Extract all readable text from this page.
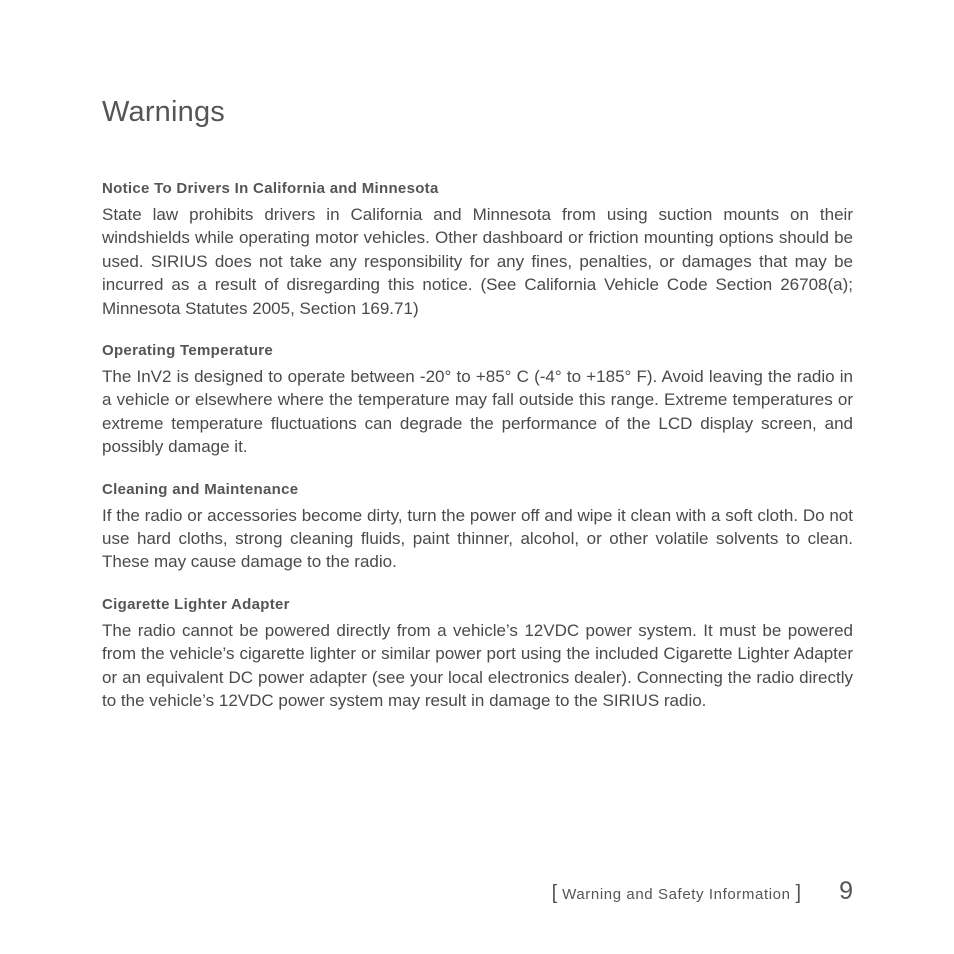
Warnings
Notice To Drivers In California and Minnesota

State law prohibits drivers in California and Minnesota from using suction mounts on their windshields while operating motor vehicles. Other dashboard or friction mounting options should be used. SIRIUS does not take any responsibility for any fines, penalties, or damages that may be incurred as a result of disregarding this notice. (See California Vehicle Code Section 26708(a); Minnesota Statutes 2005, Section 169.71)

Operating Temperature

The InV2 is designed to operate between -20° to +85° C (-4° to +185° F). Avoid leaving the radio in a vehicle or elsewhere where the temperature may fall outside this range. Extreme temperatures or extreme temperature fluctuations can degrade the performance of the LCD display screen, and possibly damage it.

Cleaning and Maintenance

If the radio or accessories become dirty, turn the power off and wipe it clean with a soft cloth. Do not use hard cloths, strong cleaning fluids, paint thinner, alcohol, or other volatile solvents to clean. These may cause damage to the radio.

Cigarette Lighter Adapter

The radio cannot be powered directly from a vehicle’s 12VDC power system. It must be powered from the vehicle’s cigarette lighter or similar power port using the included Cigarette Lighter Adapter or an equivalent DC power adapter (see your local electronics dealer). Connecting the radio directly to the vehicle’s 12VDC power system may result in damage to the SIRIUS radio.

[ Warning and Safety Information ] 9
